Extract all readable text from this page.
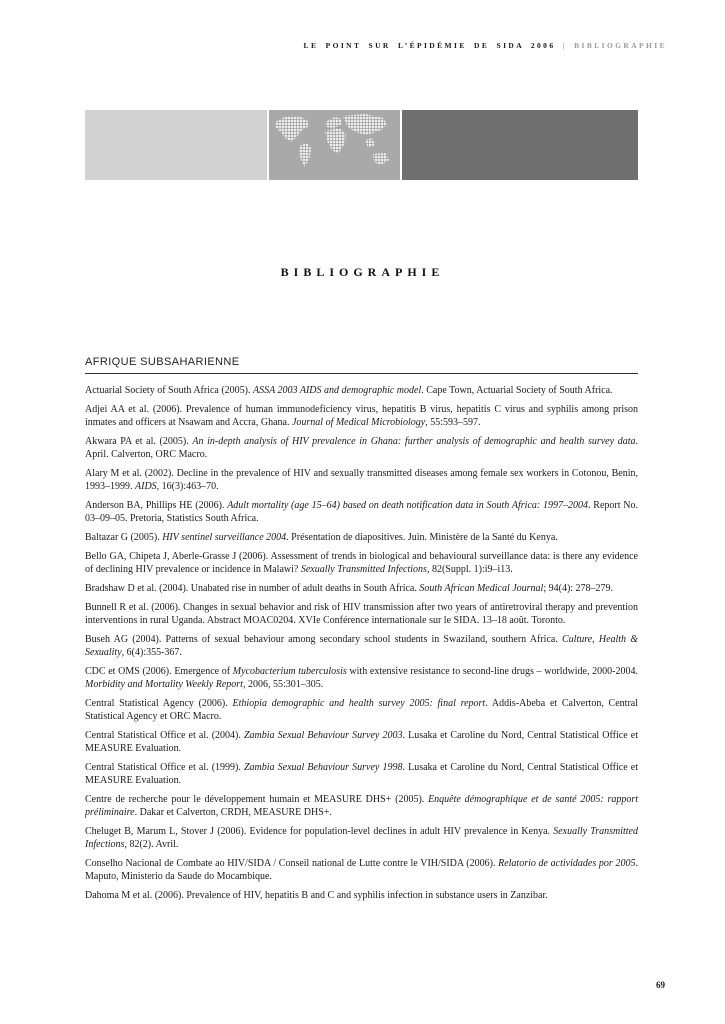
LE POINT SUR L’ÉPIDÉMIE DE SIDA 2006 | BIBLIOGRAPHIE
BIBLIOGRAPHIE
AFRIQUE SUBSAHARIENNE

Actuarial Society of South Africa (2005). ASSA 2003 AIDS and demographic model. Cape Town, Actuarial Society of South Africa.

Adjei AA et al. (2006). Prevalence of human immunodeficiency virus, hepatitis B virus, hepatitis C virus and syphilis among prison inmates and officers at Nsawam and Accra, Ghana. Journal of Medical Microbiology, 55:593–597.

Akwara PA et al. (2005). An in-depth analysis of HIV prevalence in Ghana: further analysis of demographic and health survey data. April. Calverton, ORC Macro.

Alary M et al. (2002). Decline in the prevalence of HIV and sexually transmitted diseases among female sex workers in Cotonou, Benin, 1993–1999. AIDS, 16(3):463–70.

Anderson BA, Phillips HE (2006). Adult mortality (age 15–64) based on death notification data in South Africa: 1997–2004. Report No. 03–09–05. Pretoria, Statistics South Africa.

Baltazar G (2005). HIV sentinel surveillance 2004. Présentation de diapositives. Juin. Ministère de la Santé du Kenya.

Bello GA, Chipeta J, Aberle-Grasse J (2006). Assessment of trends in biological and behavioural surveillance data: is there any evidence of declining HIV prevalence or incidence in Malawi? Sexually Transmitted Infections, 82(Suppl. 1):i9–i13.

Bradshaw D et al. (2004). Unabated rise in number of adult deaths in South Africa. South African Medical Journal; 94(4): 278–279.

Bunnell R et al. (2006). Changes in sexual behavior and risk of HIV transmission after two years of antiretroviral therapy and prevention interventions in rural Uganda. Abstract MOAC0204. XVIe Conférence internationale sur le SIDA. 13–18 août. Toronto.

Buseh AG (2004). Patterns of sexual behaviour among secondary school students in Swaziland, southern Africa. Culture, Health & Sexuality, 6(4):355-367.

CDC et OMS (2006). Emergence of Mycobacterium tuberculosis with extensive resistance to second-line drugs – worldwide, 2000-2004. Morbidity and Mortality Weekly Report, 2006, 55:301–305.

Central Statistical Agency (2006). Ethiopia demographic and health survey 2005: final report. Addis-Abeba et Calverton, Central Statistical Agency et ORC Macro.

Central Statistical Office et al. (2004). Zambia Sexual Behaviour Survey 2003. Lusaka et Caroline du Nord, Central Statistical Office et MEASURE Evaluation.

Central Statistical Office et al. (1999). Zambia Sexual Behaviour Survey 1998. Lusaka et Caroline du Nord, Central Statistical Office et MEASURE Evaluation.

Centre de recherche pour le développement humain et MEASURE DHS+ (2005). Enquête démographique et de santé 2005: rapport préliminaire. Dakar et Calverton, CRDH, MEASURE DHS+.

Cheluget B, Marum L, Stover J (2006). Evidence for population-level declines in adult HIV prevalence in Kenya. Sexually Transmitted Infections, 82(2). Avril.

Conselho Nacional de Combate ao HIV/SIDA / Conseil national de Lutte contre le VIH/SIDA (2006). Relatorio de actividades por 2005. Maputo, Ministerio da Saude do Mocambique.

Dahoma M et al. (2006). Prevalence of HIV, hepatitis B and C and syphilis infection in substance users in Zanzibar.

69
